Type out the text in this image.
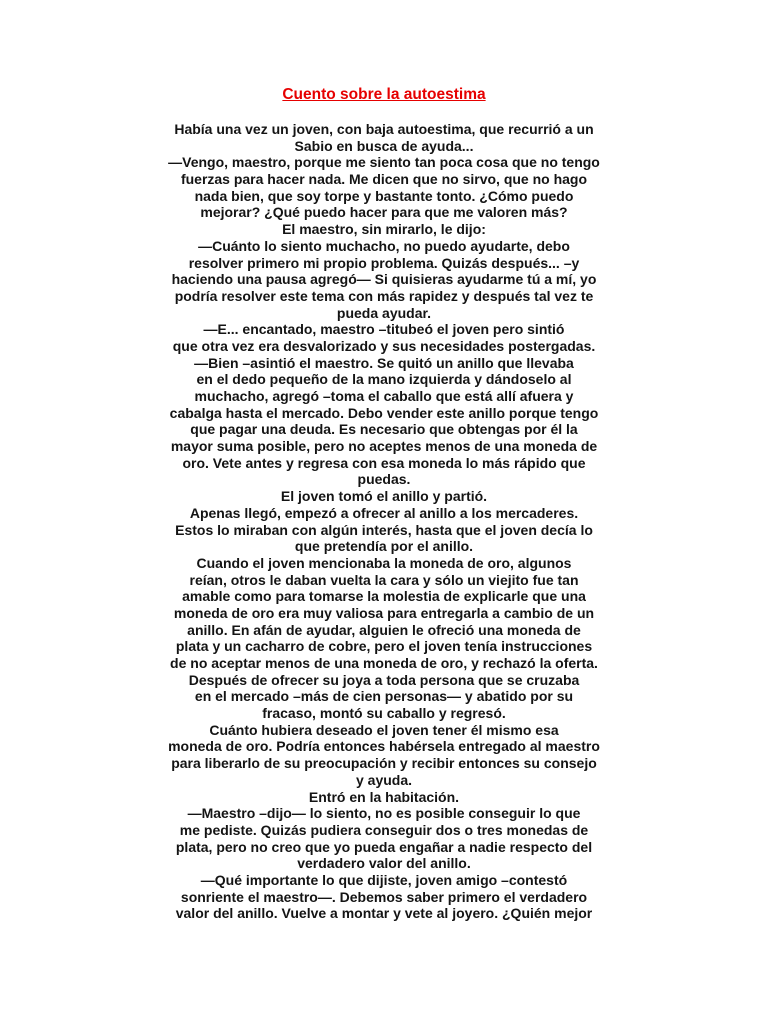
Cuento sobre la autoestima
Había una vez un joven, con baja autoestima, que recurrió a un
Sabio en busca de ayuda...
—Vengo, maestro, porque me siento tan poca cosa que no tengo
fuerzas para hacer nada. Me dicen que no sirvo, que no hago
nada bien, que soy torpe y bastante tonto. ¿Cómo puedo
mejorar? ¿Qué puedo hacer para que me valoren más?
El maestro, sin mirarlo, le dijo:
—Cuánto lo siento muchacho, no puedo ayudarte, debo
resolver primero mi propio problema. Quizás después... –y
haciendo una pausa agregó— Si quisieras ayudarme tú a mí, yo
podría resolver este tema con más rapidez y después tal vez te
pueda ayudar.
—E... encantado, maestro –titubeó el joven pero sintió
que otra vez era desvalorizado y sus necesidades postergadas.
—Bien –asintió el maestro. Se quitó un anillo que llevaba
en el dedo pequeño de la mano izquierda y dándoselo al
muchacho, agregó –toma el caballo que está allí afuera y
cabalga hasta el mercado. Debo vender este anillo porque tengo
que pagar una deuda. Es necesario que obtengas por él la
mayor suma posible, pero no aceptes menos de una moneda de
oro. Vete antes y regresa con esa moneda lo más rápido que
puedas.
El joven tomó el anillo y partió.
Apenas llegó, empezó a ofrecer al anillo a los mercaderes.
Estos lo miraban con algún interés, hasta que el joven decía lo
que pretendía por el anillo.
Cuando el joven mencionaba la moneda de oro, algunos
reían, otros le daban vuelta la cara y sólo un viejito fue tan
amable como para tomarse la molestia de explicarle que una
moneda de oro era muy valiosa para entregarla a cambio de un
anillo. En afán de ayudar, alguien le ofreció una moneda de
plata y un cacharro de cobre, pero el joven tenía instrucciones
de no aceptar menos de una moneda de oro, y rechazó la oferta.
Después de ofrecer su joya a toda persona que se cruzaba
en el mercado –más de cien personas— y abatido por su
fracaso, montó su caballo y regresó.
Cuánto hubiera deseado el joven tener él mismo esa
moneda de oro. Podría entonces habérsela entregado al maestro
para liberarlo de su preocupación y recibir entonces su consejo
y ayuda.
Entró en la habitación.
—Maestro –dijo— lo siento, no es posible conseguir lo que
me pediste. Quizás pudiera conseguir dos o tres monedas de
plata, pero no creo que yo pueda engañar a nadie respecto del
verdadero valor del anillo.
—Qué importante lo que dijiste, joven amigo –contestó
sonriente el maestro—. Debemos saber primero el verdadero
valor del anillo. Vuelve a montar y vete al joyero. ¿Quién mejor
